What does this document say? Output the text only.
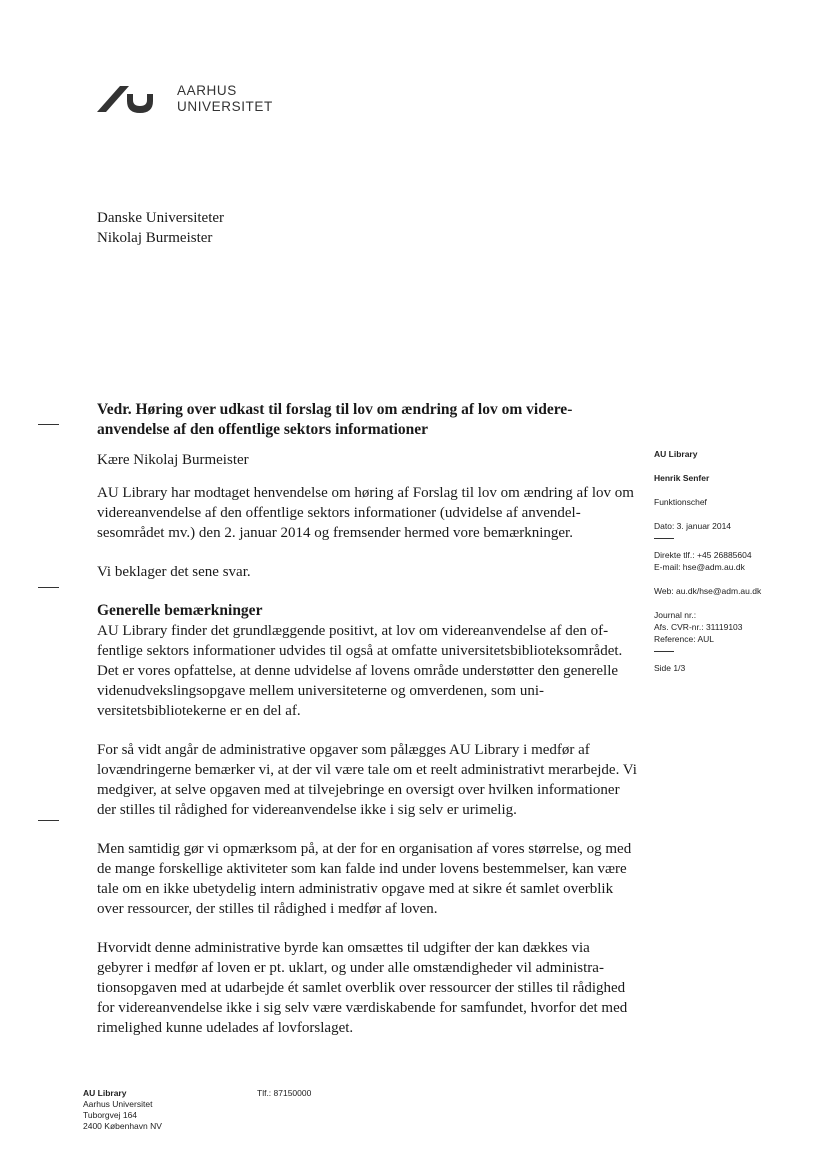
AARHUS
UNIVERSITET
Danske Universiteter
Nikolaj Burmeister
Vedr. Høring over udkast til forslag til lov om ændring af lov om videreanvendelse af den offentlige sektors informationer
Kære Nikolaj Burmeister

AU Library har modtaget henvendelse om høring af Forslag til lov om ændring af lov om videreanvendelse af den offentlige sektors informationer (udvidelse af anvendelsesområdet mv.) den 2. januar 2014 og fremsender hermed vore bemærkninger.

Vi beklager det sene svar.

Generelle bemærkninger

AU Library finder det grundlæggende positivt, at lov om videreanvendelse af den offentlige sektors informationer udvides til også at omfatte universitetsbiblioteksområdet. Det er vores opfattelse, at denne udvidelse af lovens område understøtter den generelle videnudvekslingsopgave mellem universiteterne og omverdenen, som universitetsbibliotekerne er en del af.

For så vidt angår de administrative opgaver som pålægges AU Library i medfør af lovændringerne bemærker vi, at der vil være tale om et reelt administrativt merarbejde. Vi medgiver, at selve opgaven med at tilvejebringe en oversigt over hvilken informationer der stilles til rådighed for videreanvendelse ikke i sig selv er urimelig.

Men samtidig gør vi opmærksom på, at der for en organisation af vores størrelse, og med de mange forskellige aktiviteter som kan falde ind under lovens bestemmelser, kan være tale om en ikke ubetydelig intern administrativ opgave med at sikre ét samlet overblik over ressourcer, der stilles til rådighed i medfør af loven.

Hvorvidt denne administrative byrde kan omsættes til udgifter der kan dækkes via gebyrer i medfør af loven er pt. uklart, og under alle omstændigheder vil administrationsopgaven med at udarbejde ét samlet overblik over ressourcer der stilles til rådighed for videreanvendelse ikke i sig selv være værdiskabende for samfundet, hvorfor det med rimelighed kunne udelades af lovforslaget.

AU Library
Henrik Senfer
Funktionschef
Dato: 3. januar 2014
Direkte tlf.: +45 26885604
E-mail: hse@adm.au.dk
Web: au.dk/hse@adm.au.dk
Journal nr.:
Afs. CVR-nr.: 31119103
Reference: AUL
Side 1/3
AU Library
Aarhus Universitet
Tuborgvej 164
2400 København NV
Tlf.: 87150000
